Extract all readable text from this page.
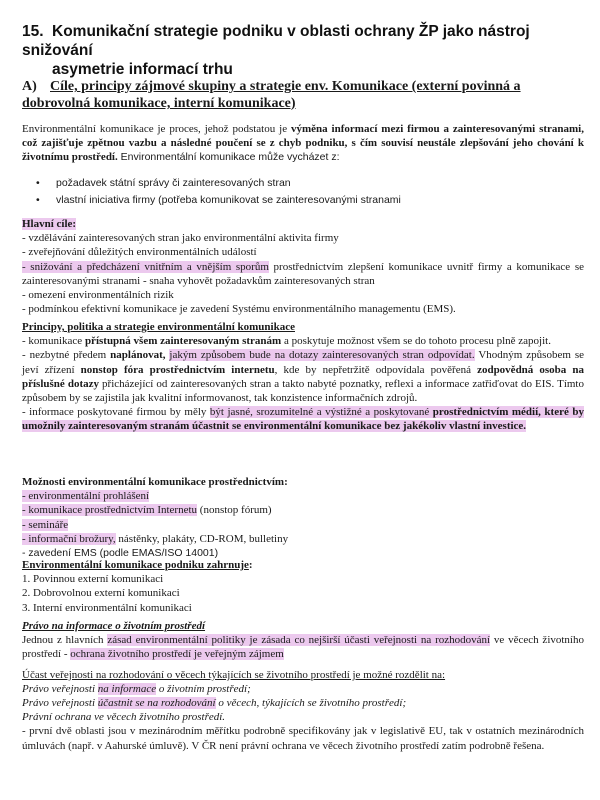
15. Komunikační strategie podniku v oblasti ochrany ŽP jako nástroj snižování
asymetrie informací trhu
A) Cíle, principy zájmové skupiny a strategie env. Komunikace (externí povinná a dobrovolná komunikace, interní komunikace)
Environmentální komunikace je proces, jehož podstatou je výměna informací mezi firmou a zainteresovanými stranami, což zajišťuje zpětnou vazbu a následné poučení se z chyb podniku, s čím souvisí neustále zlepšování jeho chování k životnímu prostředí. Environmentální komunikace může vycházet z:
• požadavek státní správy či zainteresovaných stran
• vlastní iniciativa firmy (potřeba komunikovat se zainteresovanými stranami
Hlavní cíle:
- vzdělávání zainteresovaných stran jako environmentální aktivita firmy
- zveřejňování důležitých environmentálních událostí
- snižování a předcházení vnitřním a vnějším sporům prostřednictvím zlepšení komunikace uvnitř firmy a komunikace se zainteresovanými stranami - snaha vyhovět požadavkům zainteresovaných stran
- omezení environmentálních rizik
- podmínkou efektivní komunikace je zavedení Systému environmentálního managementu (EMS).
Principy, politika a strategie environmentální komunikace
- komunikace přístupná všem zainteresovaným stranám a poskytuje možnost všem se do tohoto procesu plně zapojit.
- nezbytné předem naplánovat, jakým způsobem bude na dotazy zainteresovaných stran odpovídat. Vhodným způsobem se jeví zřízení nonstop fóra prostřednictvím internetu, kde by nepřetržitě odpovídala pověřená zodpovědná osoba na příslušné dotazy přicházející od zainteresovaných stran a takto nabyté poznatky, reflexi a informace zatřiďovat do EIS. Tímto způsobem by se zajistila jak kvalitní informovanost, tak konzistence informačních zdrojů.
- informace poskytované firmou by měly být jasné, srozumitelné a výstižné a poskytované prostřednictvím médií, které by umožnily zainteresovaným stranám účastnit se environmentální komunikace bez jakékoliv vlastní investice.
Možnosti environmentální komunikace prostřednictvím:
- environmentální prohlášení
- komunikace prostřednictvím Internetu (nonstop fórum)
- semináře
- informační brožury, nástěnky, plakáty, CD-ROM, bulletiny
- zavedení EMS (podle EMAS/ISO 14001)
Environmentální komunikace podniku zahrnuje:
1. Povinnou externí komunikaci
2. Dobrovolnou externí komunikaci
3. Interní environmentální komunikaci
Právo na informace o životním prostředí
Jednou z hlavních zásad environmentální politiky je zásada co nejširší účasti veřejnosti na rozhodování ve věcech životního prostředí - ochrana životního prostředí je veřejným zájmem
Účast veřejnosti na rozhodování o věcech týkajících se životního prostředí je možné rozdělit na:
Právo veřejnosti na informace o životním prostředí;
Právo veřejnosti účastnit se na rozhodování o věcech, týkajících se životního prostředí;
Právní ochrana ve věcech životního prostředí.
- první dvě oblasti jsou v mezinárodním měřítku podrobně specifikovány jak v legislativě EU, tak v ostatních mezinárodních úmluvách (např. v Aahurské úmluvě). V ČR není právní ochrana ve věcech životního prostředí zatím podrobně řešena.
